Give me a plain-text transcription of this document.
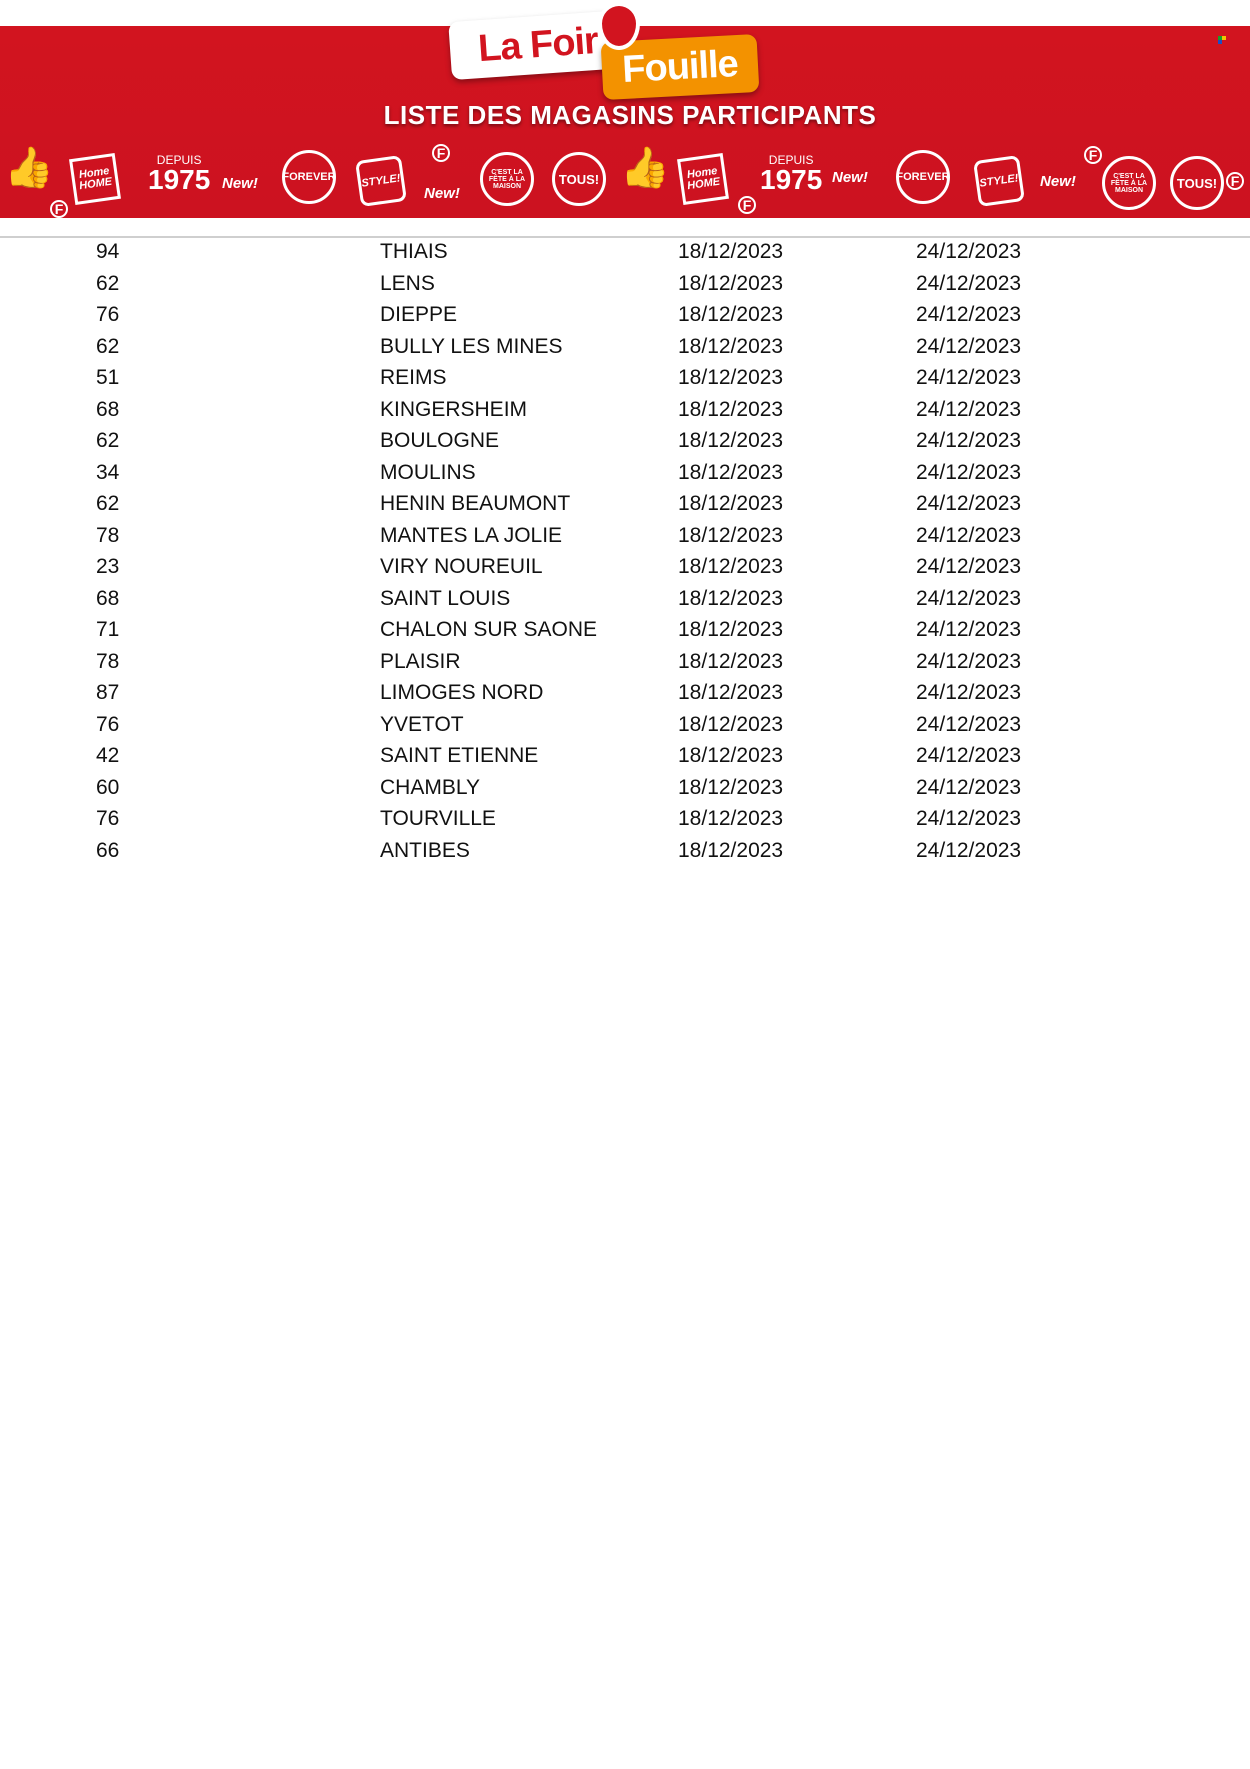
La Foir Fouille
LISTE DES MAGASINS PARTICIPANTS
👍	Home HOME
DEPUIS
1975 ✸ New! FOREVER STYLE!
✸ New!
C'EST LA FÊTE À LA MAISON	TOUS! 👍	Home HOME
DEPUIS
1975 ✸ New!	FOREVER	STYLE! ✸ New!	C'EST LA FÊTE À LA MAISON	TOUS!
F
F
F
F
F
94	THIAIS	18/12/2023	24/12/2023
62	LENS	18/12/2023	24/12/2023
76	DIEPPE	18/12/2023	24/12/2023
62	BULLY LES MINES	18/12/2023	24/12/2023
51	REIMS	18/12/2023	24/12/2023
68	KINGERSHEIM	18/12/2023	24/12/2023
62	BOULOGNE	18/12/2023	24/12/2023
34	MOULINS	18/12/2023	24/12/2023
62	HENIN BEAUMONT	18/12/2023	24/12/2023
78	MANTES LA JOLIE	18/12/2023	24/12/2023
23	VIRY NOUREUIL	18/12/2023	24/12/2023
68	SAINT LOUIS	18/12/2023	24/12/2023
71	CHALON SUR SAONE	18/12/2023	24/12/2023
78	PLAISIR	18/12/2023	24/12/2023
87	LIMOGES NORD	18/12/2023	24/12/2023
76	YVETOT	18/12/2023	24/12/2023
42	SAINT ETIENNE	18/12/2023	24/12/2023
60	CHAMBLY	18/12/2023	24/12/2023
76	TOURVILLE	18/12/2023	24/12/2023
66	ANTIBES	18/12/2023	24/12/2023
